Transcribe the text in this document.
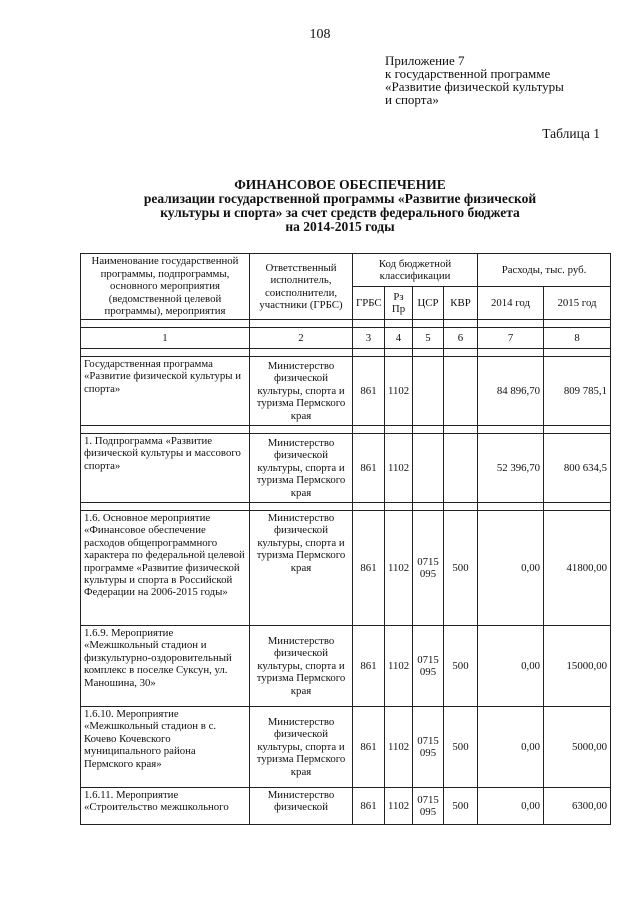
108
Приложение 7
к государственной программе
«Развитие физической культуры
и спорта»
Таблица 1
ФИНАНСОВОЕ ОБЕСПЕЧЕНИЕ
реализации государственной программы «Развитие физической
культуры и спорта» за счет средств федерального бюджета
на 2014-2015 годы
Наименование государственной программы, подпрограммы, основного мероприятия (ведомственной целевой программы), мероприятия	Ответственный исполнитель, соисполнители, участники (ГРБС)	Код бюджетной классификации				Расходы, тыс. руб.	
		ГРБС	Рз Пр	ЦСР	КВР	2014 год	2015 год

1	2	3	4	5	6	7	8

Государственная программа «Развитие физической культуры и спорта»	Министерство физической культуры, спорта и туризма Пермского края	861	1102			84 896,70	809 785,1

1. Подпрограмма «Развитие физической культуры и массового спорта»	Министерство физической культуры, спорта и туризма Пермского края	861	1102			52 396,70	800 634,5

1.6. Основное мероприятие «Финансовое обеспечение расходов общепрограммного характера по федеральной целевой программе «Развитие физической культуры и спорта в Российской Федерации на 2006-2015 годы»	Министерство физической культуры, спорта и туризма Пермского края	861	1102	0715 095	500	0,00	41800,00
1.6.9. Мероприятие «Межшкольный стадион и физкультурно-оздоровительный комплекс в поселке Суксун, ул. Маношина, 30»	Министерство физической культуры, спорта и туризма Пермского края	861	1102	0715 095	500	0,00	15000,00
1.6.10. Мероприятие «Межшкольный стадион в с. Кочево Кочевского муниципального района Пермского края»	Министерство физической культуры, спорта и туризма Пермского края	861	1102	0715 095	500	0,00	5000,00
1.6.11. Мероприятие «Строительство межшкольного	Министерство физической	861	1102	0715 095	500	0,00	6300,00
